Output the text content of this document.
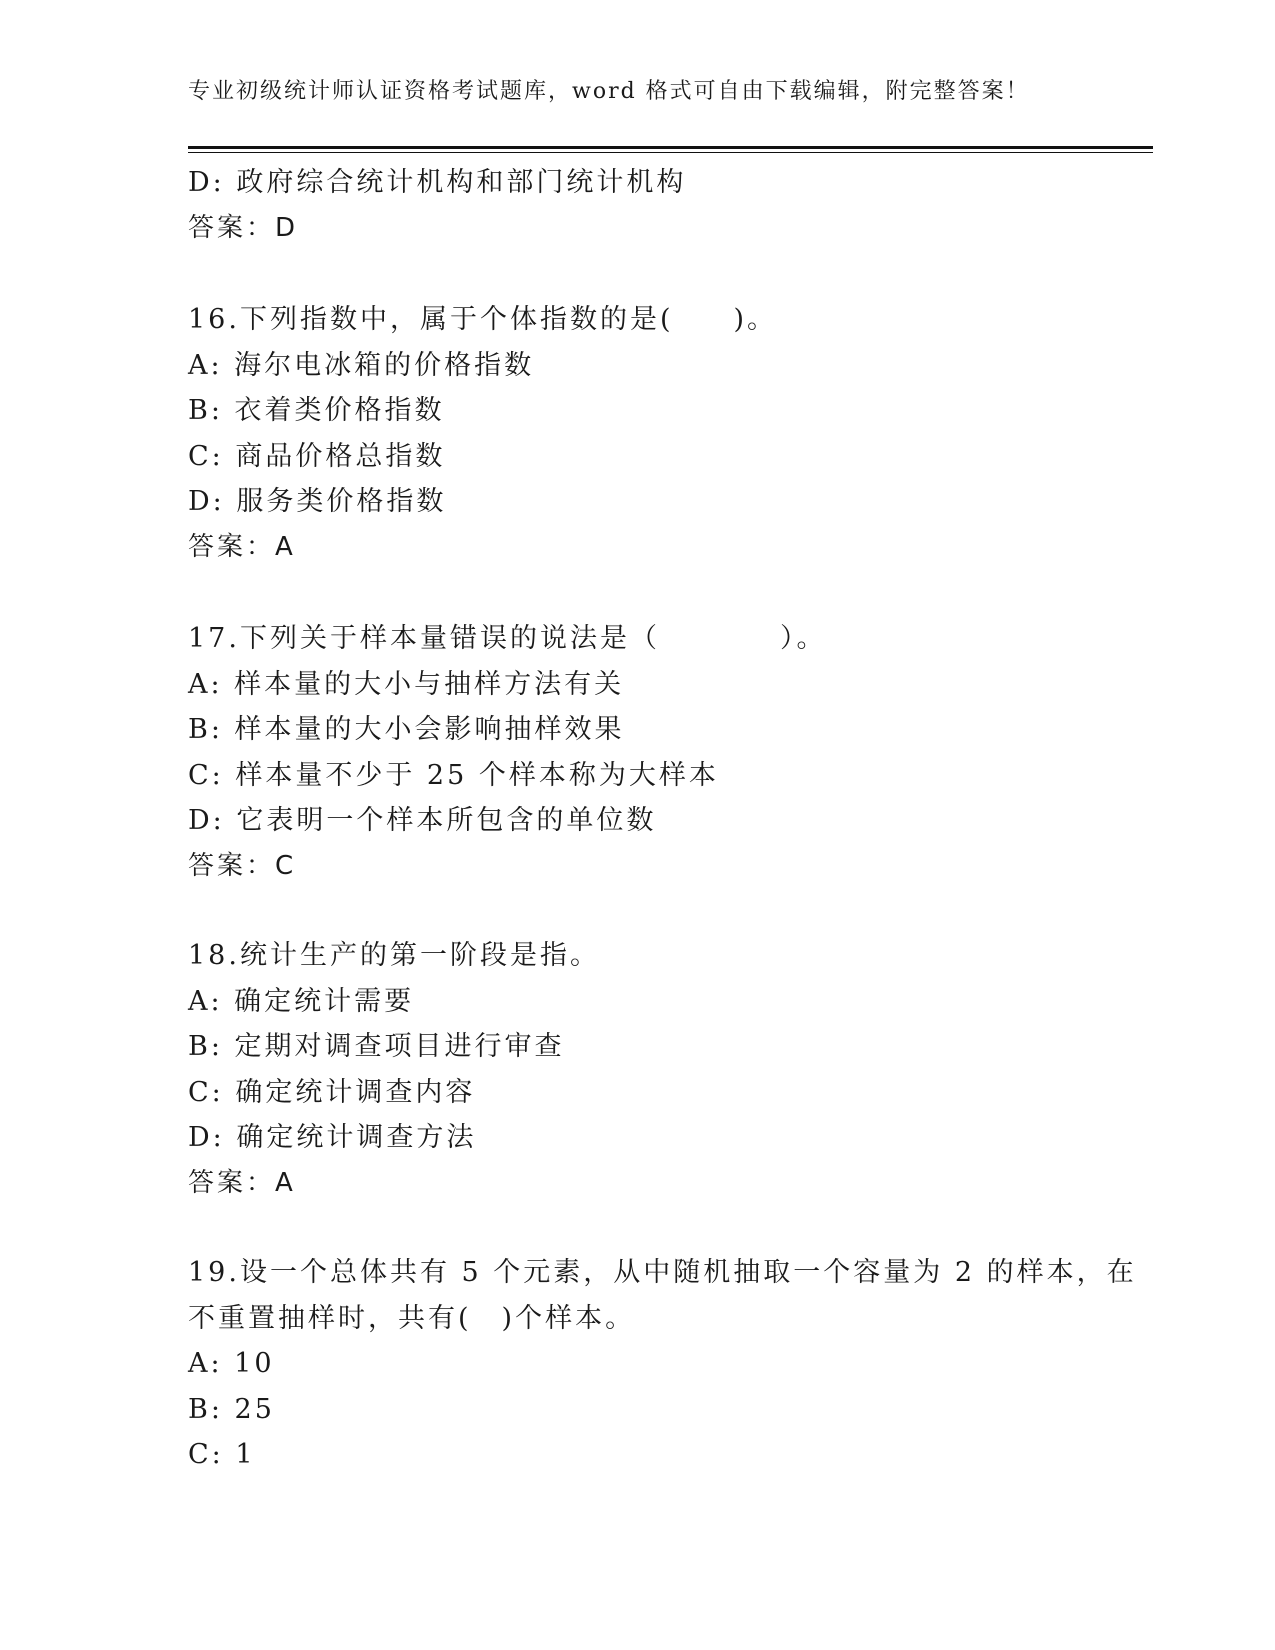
专业初级统计师认证资格考试题库，word 格式可自由下载编辑，附完整答案！
D: 政府综合统计机构和部门统计机构
答案：D
16.下列指数中，属于个体指数的是(　　)。
A: 海尔电冰箱的价格指数
B: 衣着类价格指数
C: 商品价格总指数
D: 服务类价格指数
答案：A
17.下列关于样本量错误的说法是（　　　　）。
A: 样本量的大小与抽样方法有关
B: 样本量的大小会影响抽样效果
C: 样本量不少于 25 个样本称为大样本
D: 它表明一个样本所包含的单位数
答案：C
18.统计生产的第一阶段是指。
A: 确定统计需要
B: 定期对调查项目进行审查
C: 确定统计调查内容
D: 确定统计调查方法
答案：A
19.设一个总体共有 5 个元素，从中随机抽取一个容量为 2 的样本，在
不重置抽样时，共有(　)个样本。
A: 10
B: 25
C: 1
